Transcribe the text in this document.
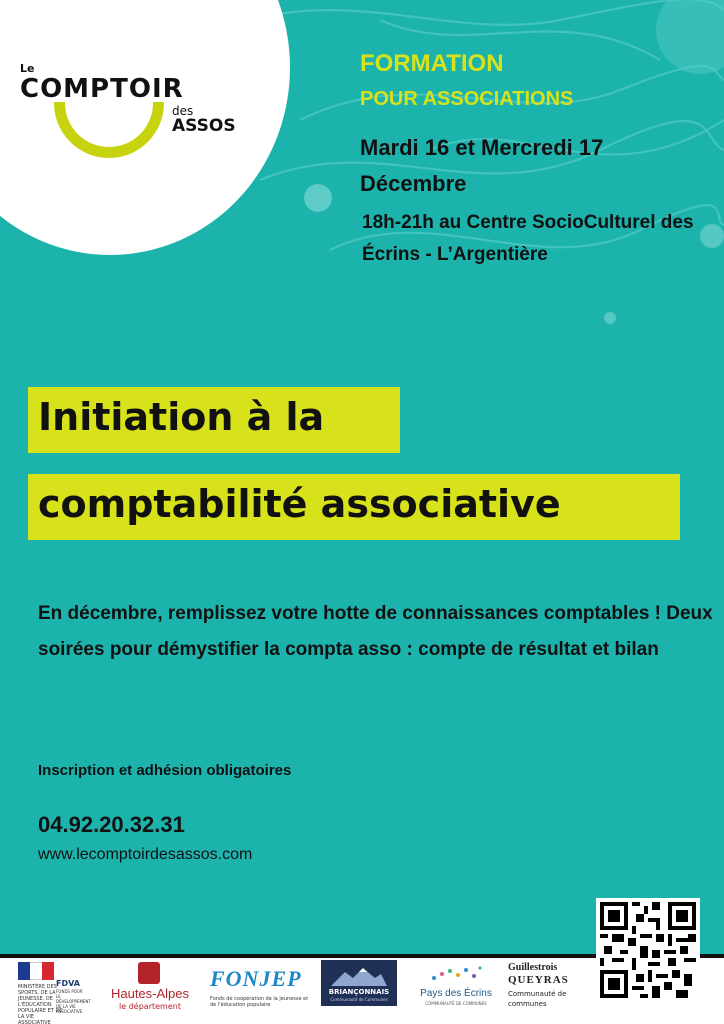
Le
COMPTOIR
des
ASSOS
FORMATION
POUR ASSOCIATIONS
Mardi 16 et Mercredi 17 Décembre
18h-21h au Centre SocioCulturel des Écrins - L’Argentière
Initiation à la
comptabilité associative
En décembre, remplissez votre hotte de connaissances comptables ! Deux soirées pour démystifier la compta asso : compte de résultat et bilan
Inscription et adhésion obligatoires
04.92.20.32.31
www.lecomptoirdesassos.com
MINISTÈRE DES SPORTS, DE LA JEUNESSE, DE L'ÉDUCATION POPULAIRE ET DE LA VIE ASSOCIATIVE
FDVA
FONDS POUR LE DÉVELOPPEMENT DE LA VIE ASSOCIATIVE
Hautes-Alpes
le département
FONJEP
Fonds de coopération de la jeunesse et de l'éducation populaire
BRIANÇONNAIS
Communauté de Communes
Pays des Écrins
COMMUNAUTÉ DE COMMUNES
Guillestrois
QUEYRAS
Communauté de communes
